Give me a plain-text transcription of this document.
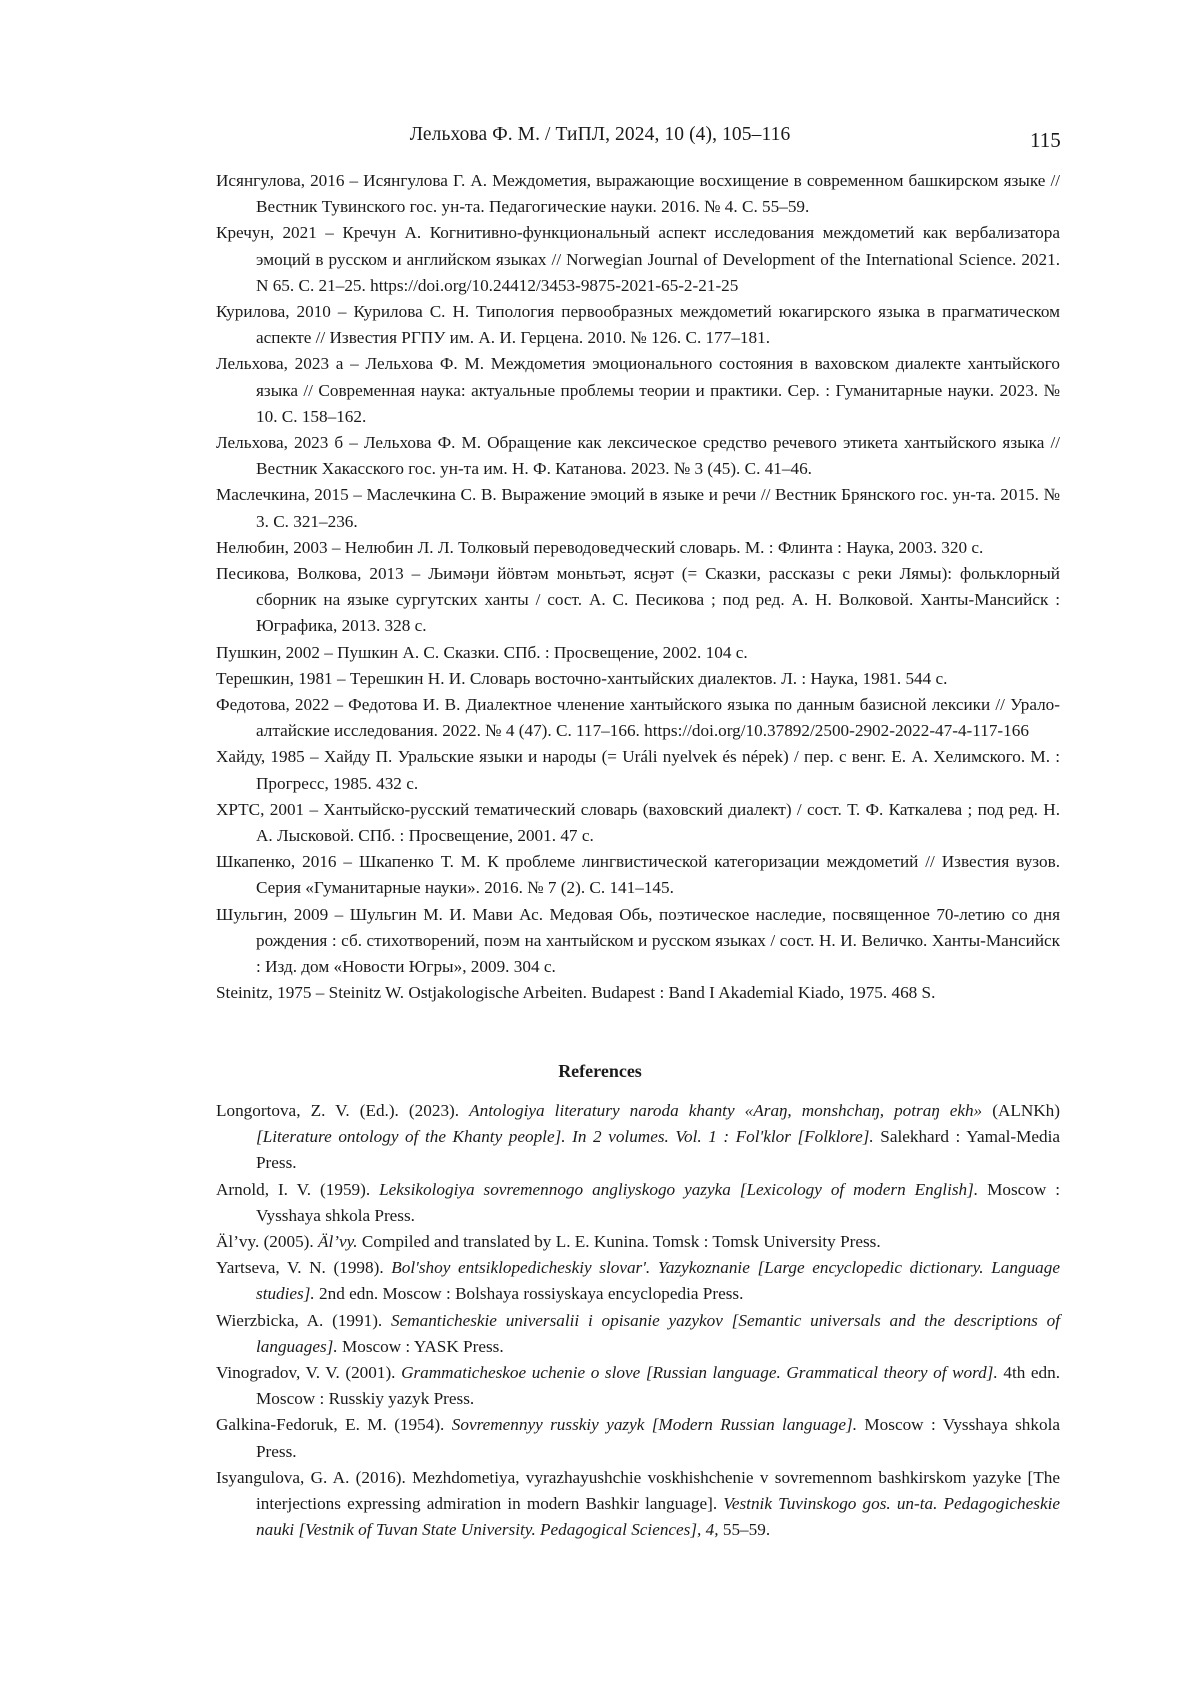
Лельхова Ф. М. / ТиПЛ, 2024, 10 (4), 105–116	115

Исянгулова, 2016 – Исянгулова Г. А. Междометия, выражающие восхищение в современном башкирском языке // Вестник Тувинского гос. ун-та. Педагогические науки. 2016. № 4. С. 55–59.

Кречун, 2021 – Кречун А. Когнитивно-функциональный аспект исследования междометий как вербализатора эмоций в русском и английском языках // Norwegian Journal of Development of the International Science. 2021. N 65. С. 21–25. https://doi.org/10.24412/3453-9875-2021-65-2-21-25

Курилова, 2010 – Курилова С. Н. Типология первообразных междометий юкагирского языка в прагматическом аспекте // Известия РГПУ им. А. И. Герцена. 2010. № 126. С. 177–181.

Лельхова, 2023 а – Лельхова Ф. М. Междометия эмоционального состояния в ваховском диалекте хантыйского языка // Современная наука: актуальные проблемы теории и практики. Сер. : Гуманитарные науки. 2023. № 10. С. 158–162.

Лельхова, 2023 б – Лельхова Ф. М. Обращение как лексическое средство речевого этикета хантыйского языка // Вестник Хакасского гос. ун-та им. Н. Ф. Катанова. 2023. № 3 (45). С. 41–46.

Маслечкина, 2015 – Маслечкина С. В. Выражение эмоций в языке и речи // Вестник Брянского гос. ун-та. 2015. № 3. С. 321–236.

Нелюбин, 2003 – Нелюбин Л. Л. Толковый переводоведческий словарь. М. : Флинта : Наука, 2003. 320 с.

Песикова, Волкова, 2013 – Љимәӈи йӧвтәм моньтьәт, ясӈәт (= Сказки, рассказы с реки Лямы): фольклорный сборник на языке сургутских ханты / сост. А. С. Песикова ; под ред. А. Н. Волковой. Ханты-Мансийск : Юграфика, 2013. 328 с.

Пушкин, 2002 – Пушкин А. С. Сказки. СПб. : Просвещение, 2002. 104 с.

Терешкин, 1981 – Терешкин Н. И. Словарь восточно-хантыйских диалектов. Л. : Наука, 1981. 544 с.

Федотова, 2022 – Федотова И. В. Диалектное членение хантыйского языка по данным базисной лексики // Урало-алтайские исследования. 2022. № 4 (47). С. 117–166. https://doi.org/10.37892/2500-2902-2022-47-4-117-166

Хайду, 1985 – Хайду П. Уральские языки и народы (= Uráli nyelvek és népek) / пер. с венг. Е. А. Хелимского. М. : Прогресс, 1985. 432 с.

ХРТС, 2001 – Хантыйско-русский тематический словарь (ваховский диалект) / сост. Т. Ф. Каткалева ; под ред. Н. А. Лысковой. СПб. : Просвещение, 2001. 47 с.

Шкапенко, 2016 – Шкапенко Т. М. К проблеме лингвистической категоризации междометий // Известия вузов. Серия «Гуманитарные науки». 2016. № 7 (2). С. 141–145.

Шульгин, 2009 – Шульгин М. И. Мави Ас. Медовая Обь, поэтическое наследие, посвященное 70-летию со дня рождения : сб. стихотворений, поэм на хантыйском и русском языках / сост. Н. И. Величко. Ханты-Мансийск : Изд. дом «Новости Югры», 2009. 304 с.

Steinitz, 1975 – Steinitz W. Ostjakologische Arbeiten. Budapest : Band I Akademial Kiado, 1975. 468 S.

References

Longortova, Z. V. (Ed.). (2023). Antologiya literatury naroda khanty «Araŋ, monshchaŋ, potraŋ ekh» (ALNKh) [Literature ontology of the Khanty people]. In 2 volumes. Vol. 1 : Fol'klor [Folklore]. Salekhard : Yamal-Media Press.

Arnold, I. V. (1959). Leksikologiya sovremennogo angliyskogo yazyka [Lexicology of modern English]. Moscow : Vysshaya shkola Press.

Äl’vy. (2005). Äl’vy. Compiled and translated by L. E. Kunina. Tomsk : Tomsk University Press.

Yartseva, V. N. (1998). Bol'shoy entsiklopedicheskiy slovar'. Yazykoznanie [Large encyclopedic dictionary. Language studies]. 2nd edn. Moscow : Bolshaya rossiyskaya encyclopedia Press.

Wierzbicka, A. (1991). Semanticheskie universalii i opisanie yazykov [Semantic universals and the descriptions of languages]. Moscow : YASK Press.

Vinogradov, V. V. (2001). Grammaticheskoe uchenie o slove [Russian language. Grammatical theory of word]. 4th edn. Moscow : Russkiy yazyk Press.

Galkina-Fedoruk, E. M. (1954). Sovremennyy russkiy yazyk [Modern Russian language]. Moscow : Vysshaya shkola Press.

Isyangulova, G. A. (2016). Mezhdometiya, vyrazhayushchie voskhishchenie v sovremennom bashkirskom yazyke [The interjections expressing admiration in modern Bashkir language]. Vestnik Tuvinskogo gos. un-ta. Pedagogicheskie nauki [Vestnik of Tuvan State University. Pedagogical Sciences], 4, 55–59.
